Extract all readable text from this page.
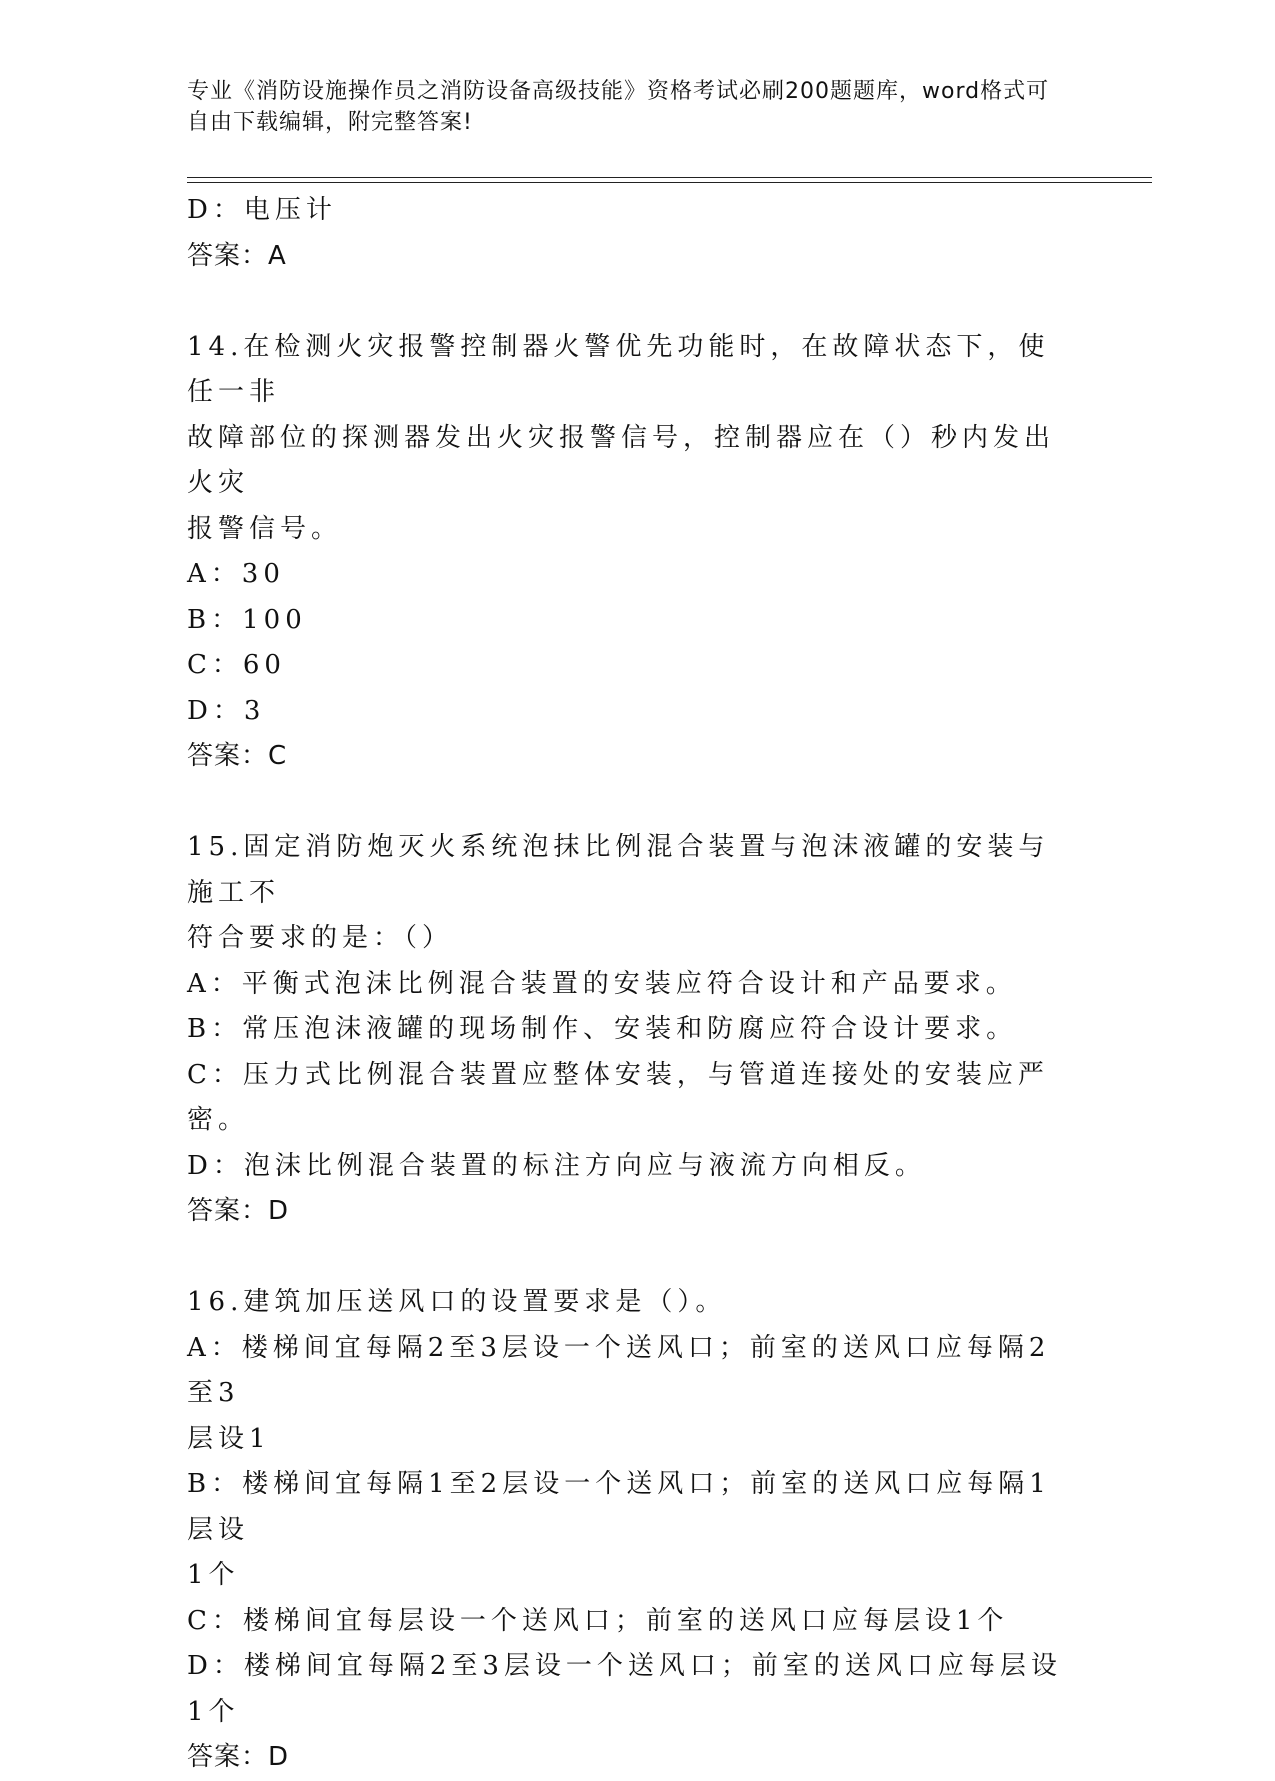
专业《消防设施操作员之消防设备高级技能》资格考试必刷200题题库，word格式可自由下载编辑，附完整答案!
D：电压计
答案：A
14.在检测火灾报警控制器火警优先功能时，在故障状态下，使任一非
故障部位的探测器发出火灾报警信号，控制器应在（）秒内发出火灾
报警信号。
A：30
B：100
C：60
D：3
答案：C
15.固定消防炮灭火系统泡抹比例混合装置与泡沫液罐的安装与施工不
符合要求的是：（）
A：平衡式泡沫比例混合装置的安装应符合设计和产品要求。
B：常压泡沫液罐的现场制作、安装和防腐应符合设计要求。
C：压力式比例混合装置应整体安装，与管道连接处的安装应严密。
D：泡沫比例混合装置的标注方向应与液流方向相反。
答案：D
16.建筑加压送风口的设置要求是（）。
A：楼梯间宜每隔2至3层设一个送风口；前室的送风口应每隔2至3
层设1
B：楼梯间宜每隔1至2层设一个送风口；前室的送风口应每隔1层设
1个
C：楼梯间宜每层设一个送风口；前室的送风口应每层设1个
D：楼梯间宜每隔2至3层设一个送风口；前室的送风口应每层设1个
答案：D
